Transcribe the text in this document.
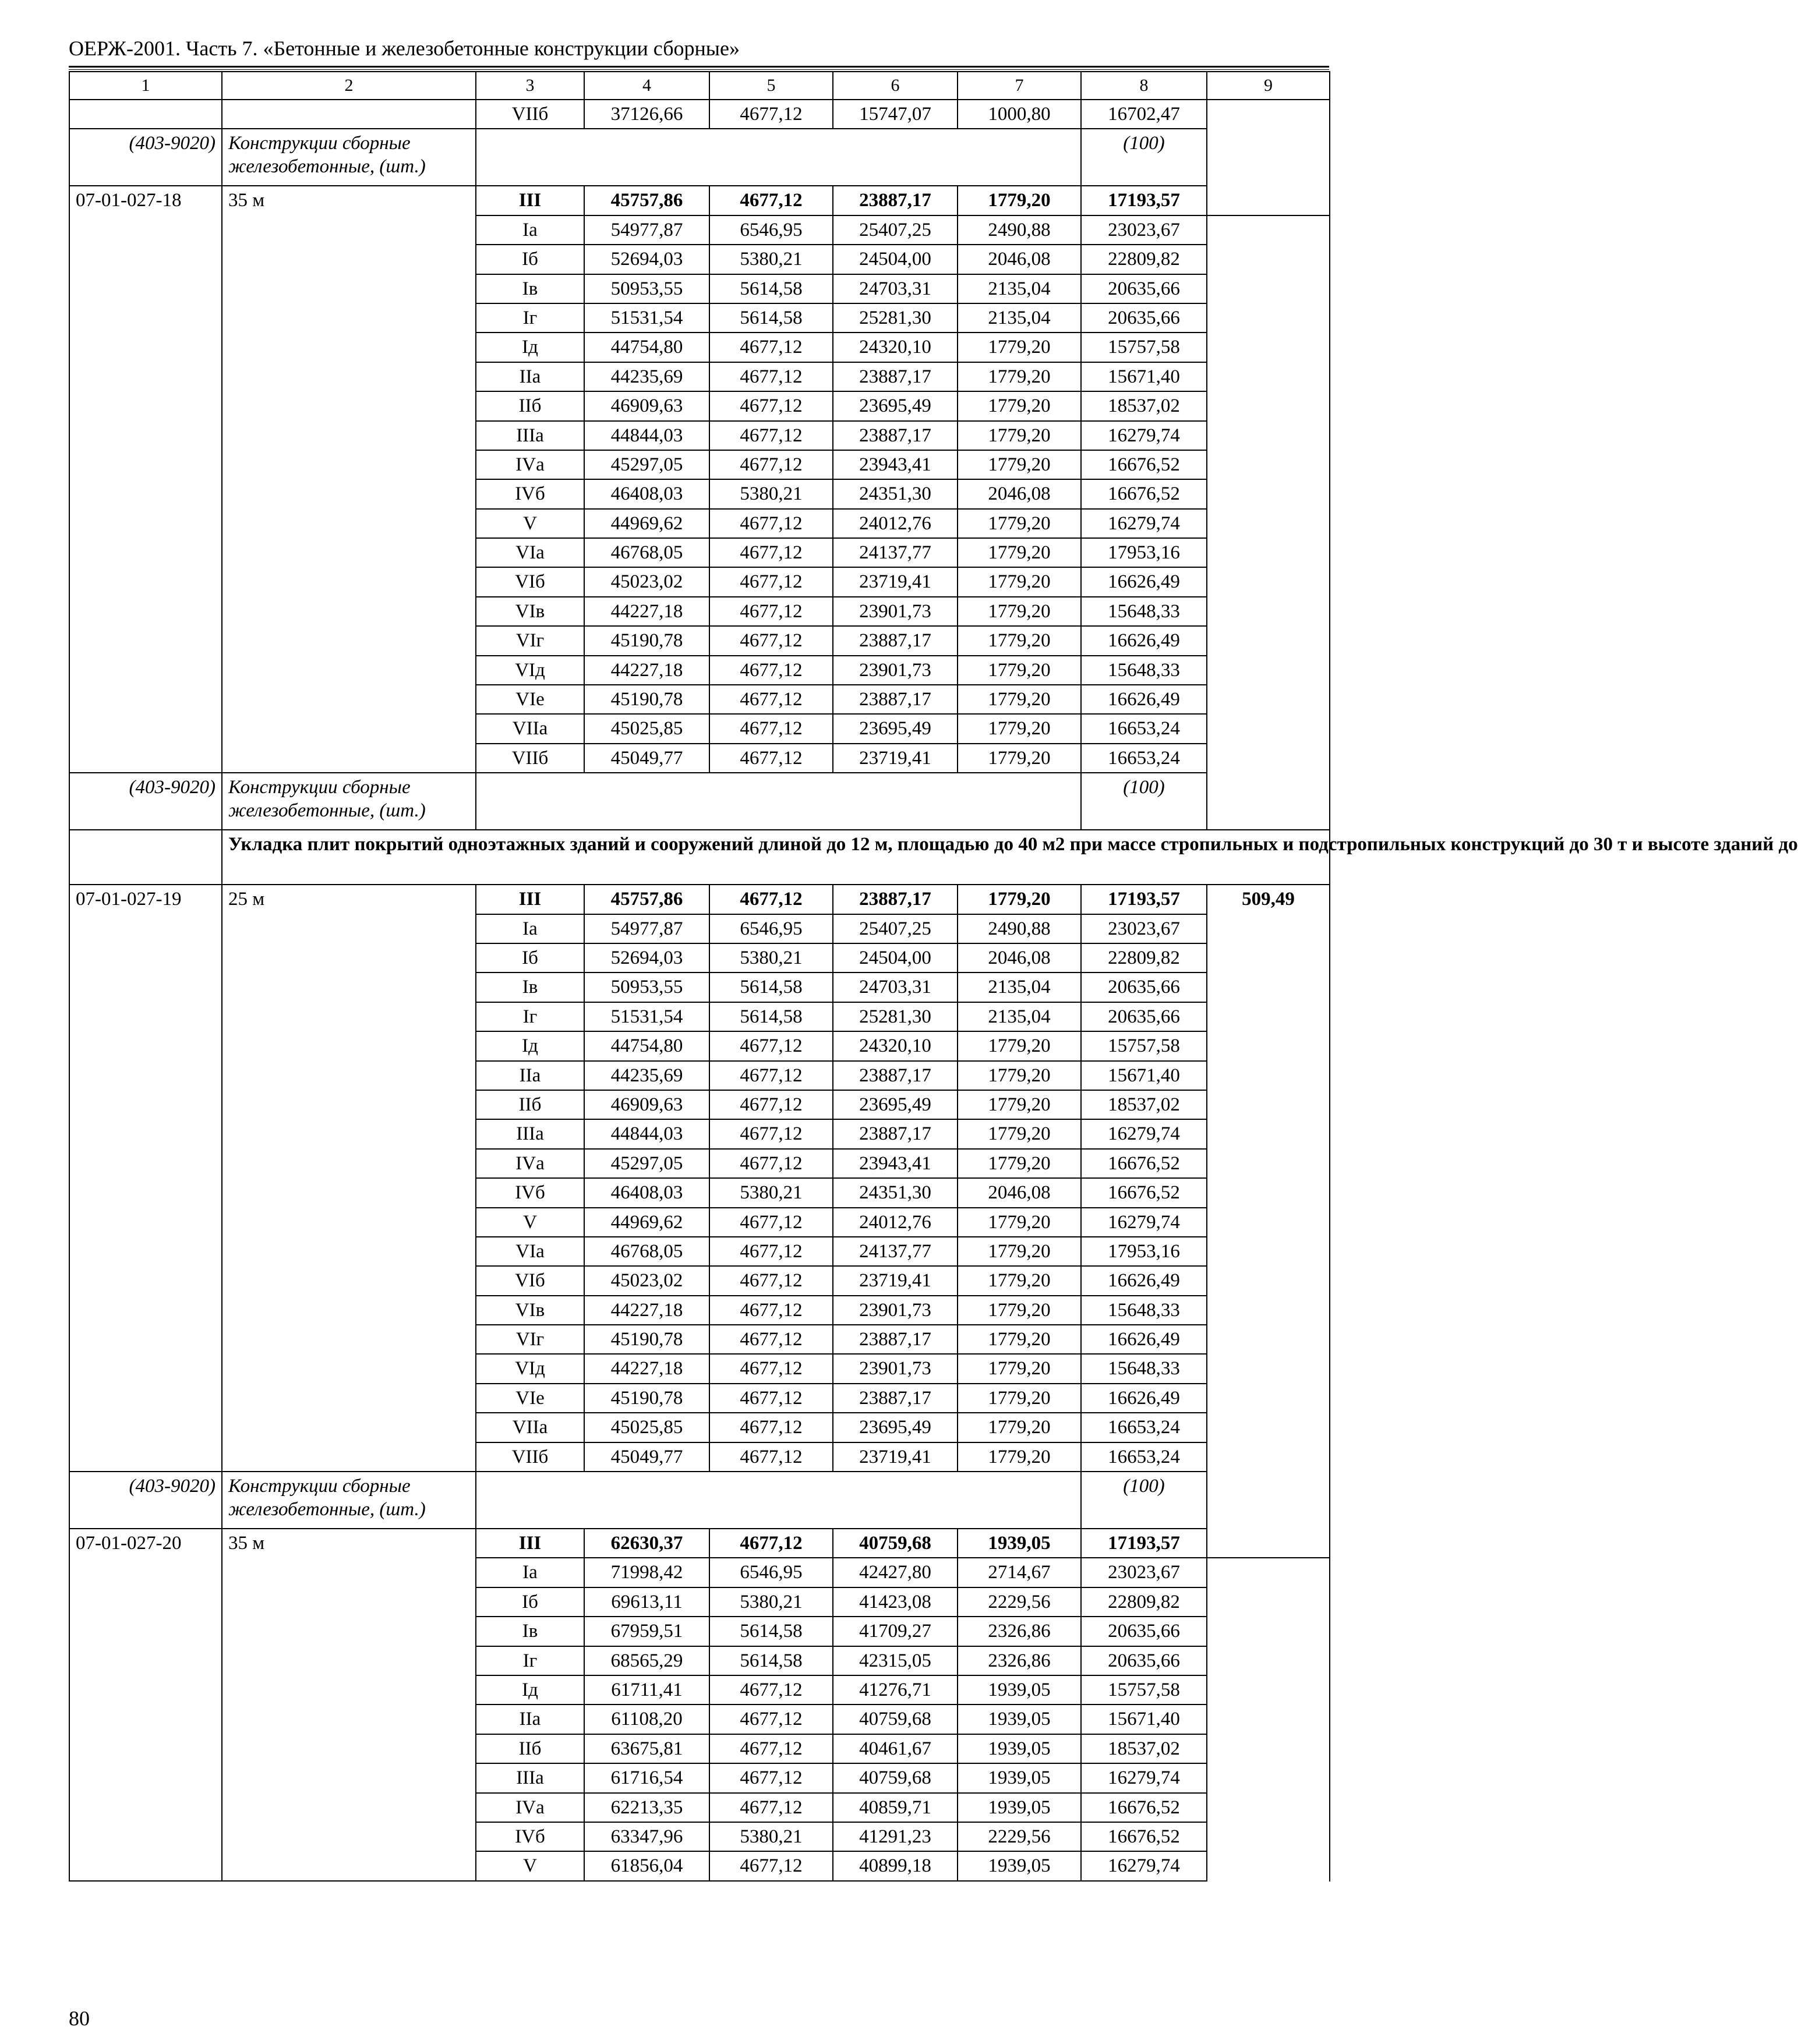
ОЕРЖ-2001. Часть 7. «Бетонные и железобетонные конструкции сборные»
1	2	3	4	5	6	7	8	9	
		VIIб	37126,66	4677,12	15747,07	1000,80	16702,47		
(403-9020)	Конструкции сборные железобетонные, (шт.)						(100)		
07-01-027-18	35 м	III	45757,86	4677,12	23887,17	1779,20	17193,57	
		Iа	54977,87	6546,95	25407,25	2490,88	23023,67		
		Iб	52694,03	5380,21	24504,00	2046,08	22809,82		
		Iв	50953,55	5614,58	24703,31	2135,04	20635,66		
		Iг	51531,54	5614,58	25281,30	2135,04	20635,66		
		Iд	44754,80	4677,12	24320,10	1779,20	15757,58		
		IIа	44235,69	4677,12	23887,17	1779,20	15671,40		
		IIб	46909,63	4677,12	23695,49	1779,20	18537,02		
		IIIа	44844,03	4677,12	23887,17	1779,20	16279,74		
		IVа	45297,05	4677,12	23943,41	1779,20	16676,52		
		IVб	46408,03	5380,21	24351,30	2046,08	16676,52		
		V	44969,62	4677,12	24012,76	1779,20	16279,74		
		VIа	46768,05	4677,12	24137,77	1779,20	17953,16		
		VIб	45023,02	4677,12	23719,41	1779,20	16626,49		
		VIв	44227,18	4677,12	23901,73	1779,20	15648,33		
		VIг	45190,78	4677,12	23887,17	1779,20	16626,49		
		VIд	44227,18	4677,12	23901,73	1779,20	15648,33		
		VIе	45190,78	4677,12	23887,17	1779,20	16626,49		
		VIIа	45025,85	4677,12	23695,49	1779,20	16653,24		
		VIIб	45049,77	4677,12	23719,41	1779,20	16653,24		
(403-9020)	Конструкции сборные железобетонные, (шт.)						(100)		
	Укладка плит покрытий одноэтажных зданий и сооружений длиной до 12 м, площадью до 40 м2 при массе стропильных и подстропильных конструкций до 30 т и высоте зданий до								
07-01-027-19	25 м	III	45757,86	4677,12	23887,17	1779,20	17193,57	509,49	
		Iа	54977,87	6546,95	25407,25	2490,88	23023,67		
		Iб	52694,03	5380,21	24504,00	2046,08	22809,82		
		Iв	50953,55	5614,58	24703,31	2135,04	20635,66		
		Iг	51531,54	5614,58	25281,30	2135,04	20635,66		
		Iд	44754,80	4677,12	24320,10	1779,20	15757,58		
		IIа	44235,69	4677,12	23887,17	1779,20	15671,40		
		IIб	46909,63	4677,12	23695,49	1779,20	18537,02		
		IIIа	44844,03	4677,12	23887,17	1779,20	16279,74		
		IVа	45297,05	4677,12	23943,41	1779,20	16676,52		
		IVб	46408,03	5380,21	24351,30	2046,08	16676,52		
		V	44969,62	4677,12	24012,76	1779,20	16279,74		
		VIа	46768,05	4677,12	24137,77	1779,20	17953,16		
		VIб	45023,02	4677,12	23719,41	1779,20	16626,49		
		VIв	44227,18	4677,12	23901,73	1779,20	15648,33		
		VIг	45190,78	4677,12	23887,17	1779,20	16626,49		
		VIд	44227,18	4677,12	23901,73	1779,20	15648,33		
		VIе	45190,78	4677,12	23887,17	1779,20	16626,49		
		VIIа	45025,85	4677,12	23695,49	1779,20	16653,24		
		VIIб	45049,77	4677,12	23719,41	1779,20	16653,24		
(403-9020)	Конструкции сборные железобетонные, (шт.)						(100)		
07-01-027-20	35 м	III	62630,37	4677,12	40759,68	1939,05	17193,57	
		Iа	71998,42	6546,95	42427,80	2714,67	23023,67		
		Iб	69613,11	5380,21	41423,08	2229,56	22809,82		
		Iв	67959,51	5614,58	41709,27	2326,86	20635,66		
		Iг	68565,29	5614,58	42315,05	2326,86	20635,66		
		Iд	61711,41	4677,12	41276,71	1939,05	15757,58		
		IIа	61108,20	4677,12	40759,68	1939,05	15671,40		
		IIб	63675,81	4677,12	40461,67	1939,05	18537,02		
		IIIа	61716,54	4677,12	40759,68	1939,05	16279,74		
		IVа	62213,35	4677,12	40859,71	1939,05	16676,52		
		IVб	63347,96	5380,21	41291,23	2229,56	16676,52		
		V	61856,04	4677,12	40899,18	1939,05	16279,74		
80
